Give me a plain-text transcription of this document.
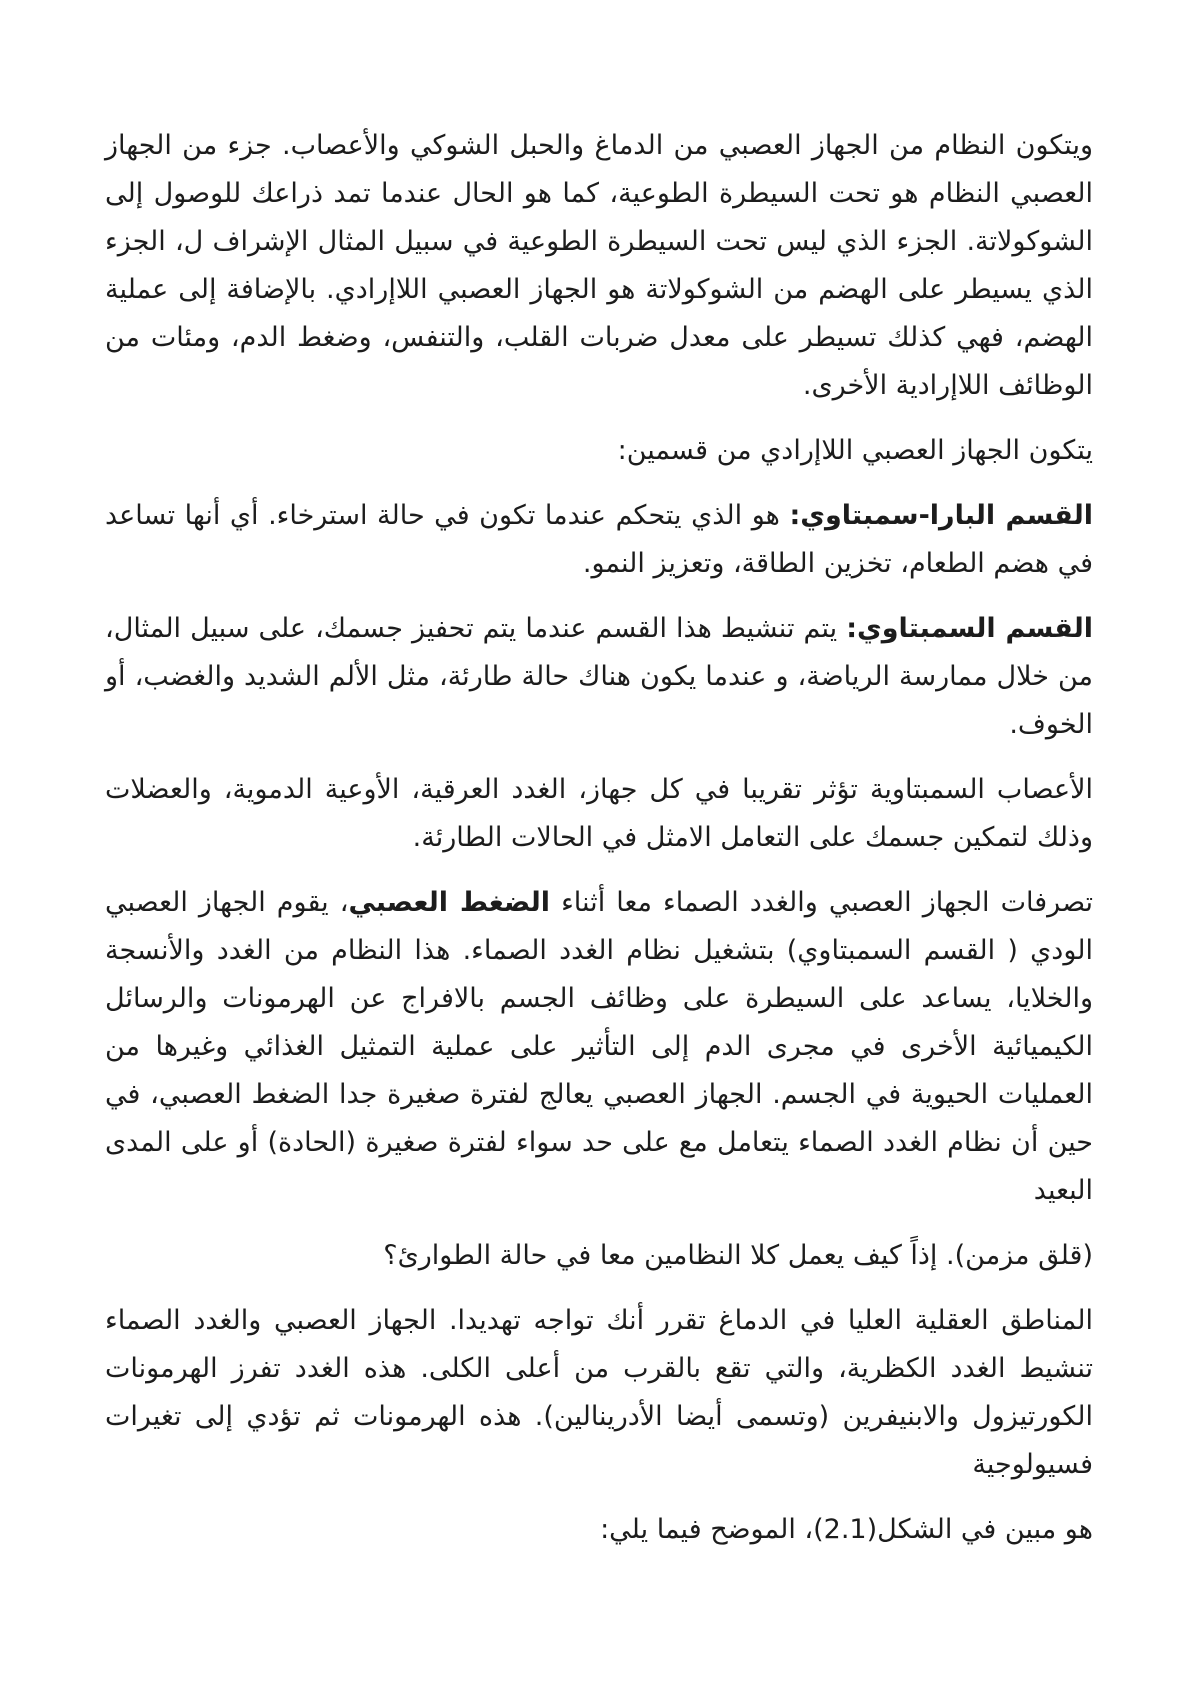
ويتكون النظام من الجهاز العصبي من الدماغ والحبل الشوكي والأعصاب. جزء من الجهاز العصبي النظام هو تحت السيطرة الطوعية، كما هو الحال عندما تمد ذراعك للوصول إلى الشوكولاتة. الجزء الذي ليس تحت السيطرة الطوعية في سبيل المثال الإشراف ل، الجزء الذي يسيطر على الهضم من الشوكولاتة هو الجهاز العصبي اللاإرادي. بالإضافة إلى عملية الهضم، فهي كذلك تسيطر على معدل ضربات القلب، والتنفس، وضغط الدم، ومئات من الوظائف اللاإرادية الأخرى.

يتكون الجهاز العصبي اللاإرادي من قسمين:

القسم البارا-سمبتاوي: هو الذي يتحكم عندما تكون في حالة استرخاء. أي أنها تساعد في هضم الطعام، تخزين الطاقة، وتعزيز النمو.

القسم السمبتاوي: يتم تنشيط هذا القسم عندما يتم تحفيز جسمك، على سبيل المثال، من خلال ممارسة الرياضة، و عندما يكون هناك حالة طارئة، مثل الألم الشديد والغضب، أو الخوف.

الأعصاب السمبتاوية تؤثر تقريبا في كل جهاز، الغدد العرقية، الأوعية الدموية، والعضلات وذلك لتمكين جسمك على التعامل الامثل في الحالات الطارئة.

تصرفات الجهاز العصبي والغدد الصماء معا أثناء الضغط العصبي، يقوم الجهاز العصبي الودي ( القسم السمبتاوي) بتشغيل نظام الغدد الصماء. هذا النظام من الغدد والأنسجة والخلايا، يساعد على السيطرة على وظائف الجسم بالافراج عن الهرمونات والرسائل الكيميائية الأخرى في مجرى الدم إلى التأثير على عملية التمثيل الغذائي وغيرها من العمليات الحيوية في الجسم. الجهاز العصبي يعالج لفترة صغيرة جدا الضغط العصبي، في حين أن نظام الغدد الصماء يتعامل مع على حد سواء لفترة صغيرة (الحادة) أو على المدى البعيد

(قلق مزمن). إذاً كيف يعمل كلا النظامين معا في حالة الطوارئ؟

المناطق العقلية العليا في الدماغ تقرر أنك تواجه تهديدا. الجهاز العصبي والغدد الصماء تنشيط الغدد الكظرية، والتي تقع بالقرب من أعلى الكلى. هذه الغدد تفرز الهرمونات الكورتيزول والابنيفرين (وتسمى أيضا الأدرينالين). هذه الهرمونات ثم تؤدي إلى تغيرات فسيولوجية

هو مبين في الشكل(2.1)، الموضح فيما يلي:
